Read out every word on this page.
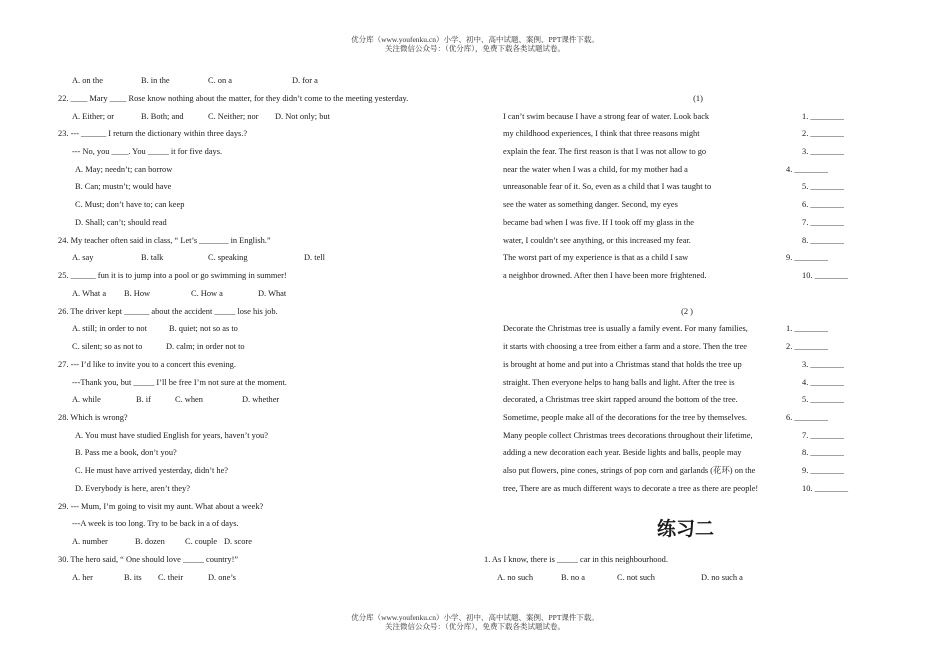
优分库（www.youfenku.cn）小学、初中、高中试题、案例、PPT课件下载。
关注微信公众号：（优分库），免费下载各类试题试卷。
A. on the	B. in the	C. on a	D. for a
22. ____ Mary ____ Rose know nothing about the matter, for they didn’t come to the meeting yesterday.
A. Either; or	B. Both; and	C. Neither; nor D. Not only; but
23. --- ______ I return the dictionary within three days.?
--- No, you ____. You _____ it for five days.
A. May; needn’t; can borrow
B. Can; mustn’t; would have
C. Must; don’t have to; can keep
D. Shall; can’t; should read
24. My teacher often said in class, “ Let’s _______ in English.”
A. say	B. talk	C. speaking	D. tell
25. ______ fun it is to jump into a pool or go swimming in summer!
A. What a B. How	C. How a	D. What
26. The driver kept ______ about the accident _____ lose his job.
A. still; in order to not	B. quiet; not so as to
C. silent; so as not to	D. calm; in order not to
27. --- I’d like to invite you to a concert this evening.
---Thank you, but _____ I’ll be free I’m not sure at the moment.
A. while	B. if	C. when	D. whether
28. Which is wrong?
A. You must have studied English for years, haven’t you?
B. Pass me a book, don’t you?
C. He must have arrived yesterday, didn’t he?
D. Everybody is here, aren’t they?
29. --- Mum, I’m going to visit my aunt. What about a week?
---A week is too long. Try to be back in a of days.
A. number	B. dozen C. couple D. score
30. The hero said, “ One should love _____ country!”
A. her	B. its C. their	D. one’s
(1)
I can’t swim because I have a strong fear of water. Look back
my childhood experiences, I think that three reasons might
explain the fear. The first reason is that I was not allow to go
near the water when I was a child, for my mother had a
unreasonable fear of it. So, even as a child that I was taught to
see the water as something danger. Second, my eyes
became bad when I was five. If I took off my glass in the
water, I couldn’t see anything, or this increased my fear.
The worst part of my experience is that as a child I saw
a neighbor drowned. After then I have been more frightened.
1. ________
2. ________
3. ________
4. ________
5. ________
6. ________
7. ________
8. ________
9. ________
10. ________
(2 )
Decorate the Christmas tree is usually a family event. For many families,
it starts with choosing a tree from either a farm and a store. Then the tree
is brought at home and put into a Christmas stand that holds the tree up
straight. Then everyone helps to hang balls and light. After the tree is
decorated, a Christmas tree skirt rapped around the bottom of the tree.
Sometime, people make all of the decorations for the tree by themselves.
Many people collect Christmas trees decorations throughout their lifetime,
adding a new decoration each year. Beside lights and balls, people may
also put flowers, pine cones, strings of pop corn and garlands (花环) on the
tree, There are as much different ways to decorate a tree as there are people!
1. ________
2. ________
3. ________
4. ________
5. ________
6. ________
7. ________
8. ________
9. ________
10. ________
练习二
1. As I know, there is _____ car in this neighbourhood.
A. no such	B. no a	C. not such	D. no such a
优分库（www.youfenku.cn）小学、初中、高中试题、案例、PPT课件下载。
关注微信公众号：（优分库），免费下载各类试题试卷。
